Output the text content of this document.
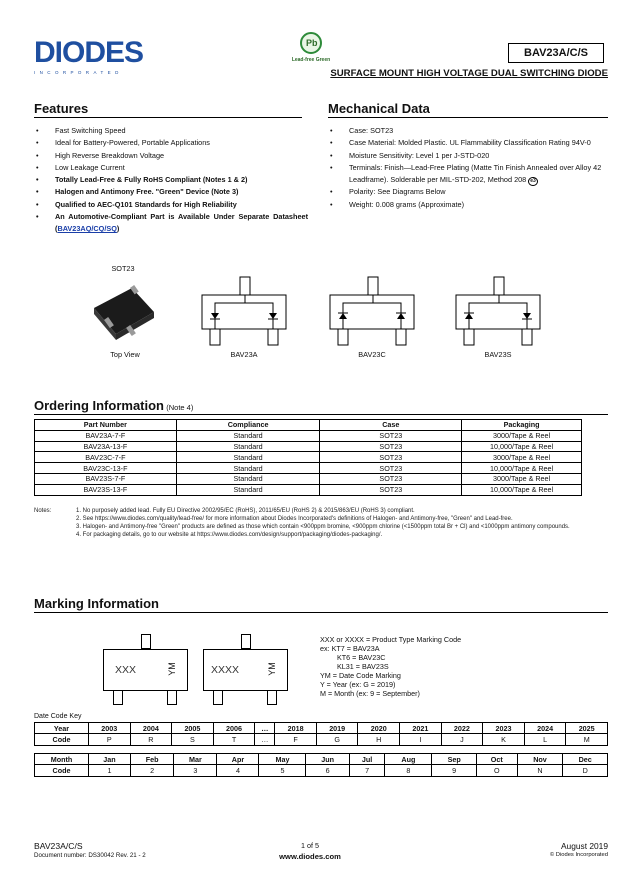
DIODES
INCORPORATED
Pb
Lead-free Green
BAV23A/C/S
SURFACE MOUNT HIGH VOLTAGE DUAL SWITCHING DIODE
Features
• Fast Switching Speed
• Ideal for Battery-Powered, Portable Applications
• High Reverse Breakdown Voltage
• Low Leakage Current
• Totally Lead-Free & Fully RoHS Compliant (Notes 1 & 2)
• Halogen and Antimony Free. "Green" Device (Note 3)
• Qualified to AEC-Q101 Standards for High Reliability
• An Automotive-Compliant Part is Available Under Separate Datasheet (BAV23AQ/CQ/SQ)
Mechanical Data
• Case: SOT23
• Case Material: Molded Plastic. UL Flammability Classification Rating 94V-0
• Moisture Sensitivity: Level 1 per J-STD-020
• Terminals: Finish—Lead-Free Plating (Matte Tin Finish Annealed over Alloy 42 Leadframe). Solderable per MIL-STD-202, Method 208 e3
• Polarity: See Diagrams Below
• Weight: 0.008 grams (Approximate)
SOT23
Top View	BAV23A	BAV23C	BAV23S
Ordering Information (Note 4)
Part Number	Compliance	Case	Packaging
BAV23A-7-F	Standard	SOT23	3000/Tape & Reel
BAV23A-13-F	Standard	SOT23	10,000/Tape & Reel
BAV23C-7-F	Standard	SOT23	3000/Tape & Reel
BAV23C-13-F	Standard	SOT23	10,000/Tape & Reel
BAV23S-7-F	Standard	SOT23	3000/Tape & Reel
BAV23S-13-F	Standard	SOT23	10,000/Tape & Reel
Notes:	1. No purposely added lead. Fully EU Directive 2002/95/EC (RoHS), 2011/65/EU (RoHS 2) & 2015/863/EU (RoHS 3) compliant.
2. See https://www.diodes.com/quality/lead-free/ for more information about Diodes Incorporated's definitions of Halogen- and Antimony-free, "Green" and Lead-free.
3. Halogen- and Antimony-free "Green" products are defined as those which contain <900ppm bromine, <900ppm chlorine (<1500ppm total Br + Cl) and <1000ppm antimony compounds.
4. For packaging details, go to our website at https://www.diodes.com/design/support/packaging/diodes-packaging/.
Marking Information
XXX	YM	XXXX	YM
XXX or XXXX = Product Type Marking Code
ex: KT7 = BAV23A
KT6 = BAV23C
KL31 = BAV23S
YM = Date Code Marking
Y = Year (ex: G = 2019)
M = Month (ex: 9 = September)
Date Code Key
Year	2003	2004	2005	2006	…	2018	2019	2020	2021	2022	2023	2024	2025
Code	P	R	S	T	…	F	G	H	I	J	K	L	M
Month	Jan	Feb	Mar	Apr	May	Jun	Jul	Aug	Sep	Oct	Nov	Dec
Code	1	2	3	4	5	6	7	8	9	O	N	D
BAV23A/C/S
Document number: DS30042 Rev. 21 - 2
1 of 5
www.diodes.com
August 2019
© Diodes Incorporated
